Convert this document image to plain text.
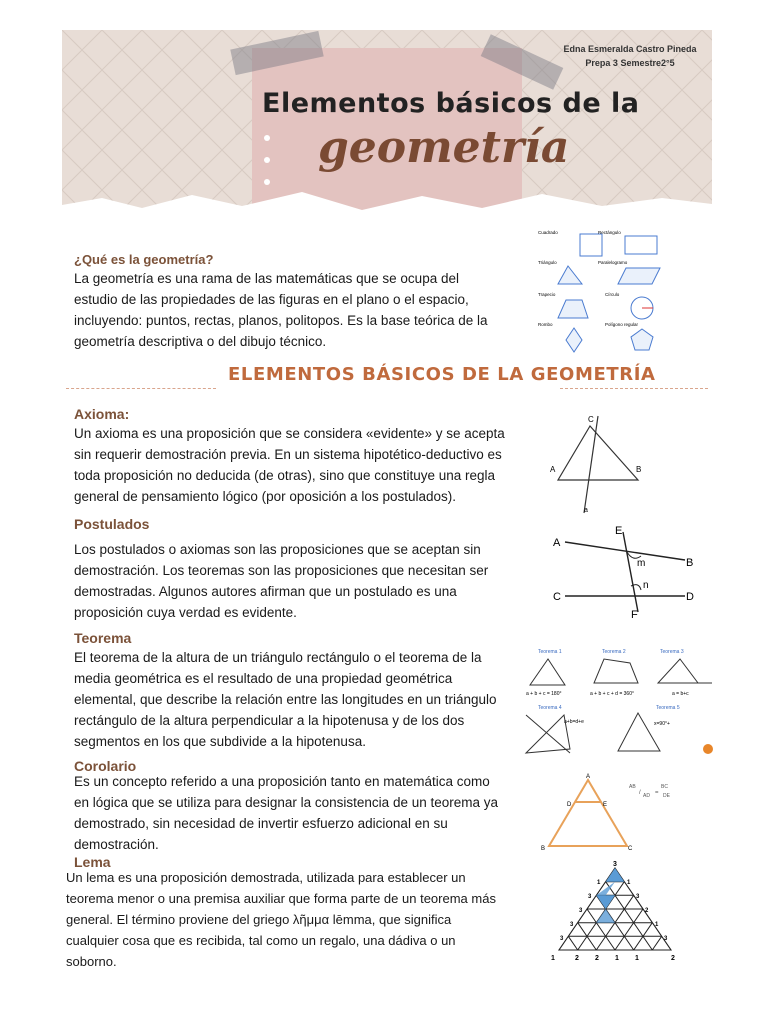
Edna Esmeralda Castro Pineda
Prepa 3 Semestre2°5
Elementos básicos de la
geometría
¿Qué es la geometría?
La geometría es una rama de las matemáticas que se ocupa del
estudio de las propiedades de las figuras en el plano o el espacio,
incluyendo: puntos, rectas, planos, politopos. Es la base teórica de la
geometría descriptiva o del dibujo técnico.
Cuadrado	Rectángulo
Triángulo	Paralelogramo
Trapecio	Círculo
Rombo	Polígono regular
ELEMENTOS BÁSICOS DE LA GEOMETRÍA
Axioma:
Un axioma es una proposición que se considera «evidente» y se acepta
sin requerir demostración previa. En un sistema hipotético-deductivo es
toda proposición no deducida (de otras), sino que constituye una regla
general de pensamiento lógico (por oposición a los postulados).
C
A	B
a
Postulados
Los postulados o axiomas son las proposiciones que se aceptan sin
demostración. Los teoremas son las proposiciones que necesitan ser
demostradas. Algunos autores afirman que un postulado es una
proposición cuya verdad es evidente.
A
B
C	D
E
F
m
n
Teorema
El teorema de la altura de un triángulo rectángulo o el teorema de la
media geométrica es el resultado de una propiedad geométrica
elemental, que describe la relación entre las longitudes en un triángulo
rectángulo de la altura perpendicular a la hipotenusa y de los dos
segmentos en los que subdivide a la hipotenusa.
Teorema 1
a + b + c = 180°
Teorema 2
a + b + c + d = 360°
Teorema 3
a = b+c
Teorema 4
a+b=d+e
Teorema 5
x=90°+
Corolario
Es un concepto referido a una proposición tanto en matemática como
en lógica que se utiliza para designar la consistencia de un teorema ya
demostrado, sin necesidad de invertir esfuerzo adicional en su
demostración.
A
B	C
D	E
AB
/ AD =
BC
DE
Lema
Un lema es una proposición demostrada, utilizada para establecer un
teorema menor o una premisa auxiliar que forma parte de un teorema más
general. El término proviene del griego λῆμμα lēmma, que significa
cualquier cosa que es recibida, tal como un regalo, una dádiva o un
soborno.
3
1	2 2 1 1	2
1
3
3
3
3
1
3
2
1
3
